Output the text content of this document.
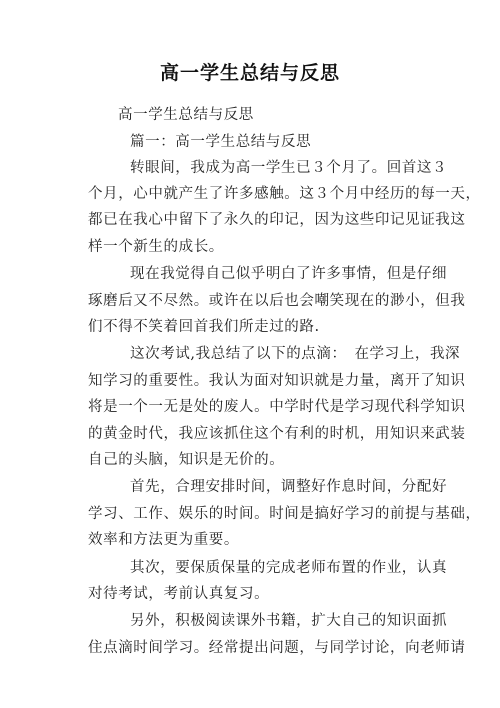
高一学生总结与反思
高一学生总结与反思
篇一：高一学生总结与反思
转眼间，我成为高一学生已３个月了。回首这３
个月，心中就产生了许多感触。这３个月中经历的每一天，
都已在我心中留下了永久的印记，因为这些印记见证我这
样一个新生的成长。
现在我觉得自己似乎明白了许多事情，但是仔细
琢磨后又不尽然。或许在以后也会嘲笑现在的渺小，但我
们不得不笑着回首我们所走过的路.
这次考试,我总结了以下的点滴：　在学习上，我深
知学习的重要性。我认为面对知识就是力量，离开了知识
将是一个一无是处的废人。中学时代是学习现代科学知识
的黄金时代，我应该抓住这个有利的时机，用知识来武装
自己的头脑，知识是无价的。
首先，合理安排时间，调整好作息时间，分配好
学习、工作、娱乐的时间。时间是搞好学习的前提与基础，
效率和方法更为重要。
其次，要保质保量的完成老师布置的作业，认真
对待考试，考前认真复习。
另外，积极阅读课外书籍，扩大自己的知识面抓
住点滴时间学习。经常提出问题，与同学讨论，向老师请
